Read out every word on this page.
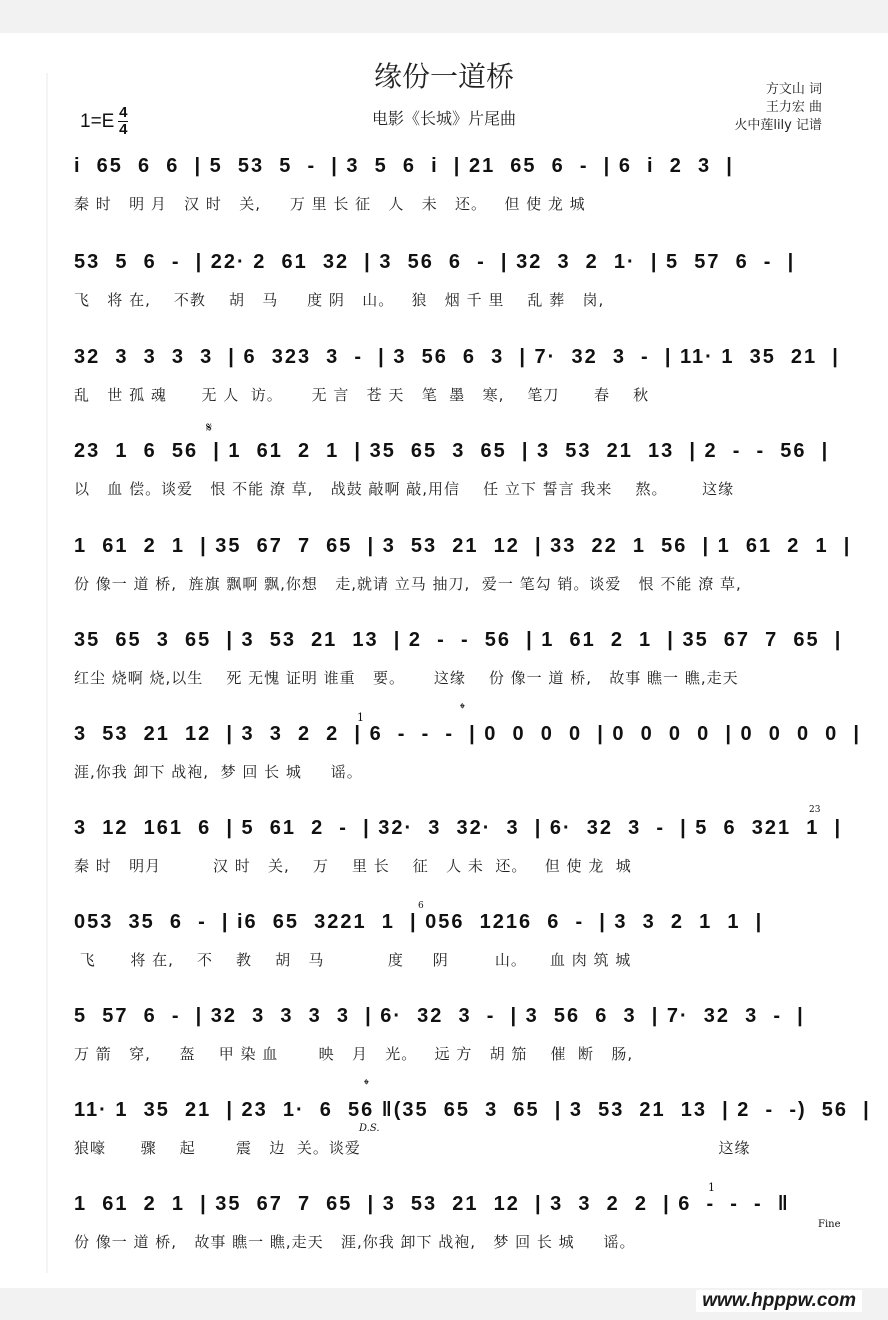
缘份一道桥
电影《长城》片尾曲
$1=E \frac{4}{4}$
方文山 词
王力宏 曲
火中莲lily 记谱
i  65  6  6  | 5  53  5  -  | 3  5  6  i  | 21  65  6  -  | 6  i  2  3  |
秦 时   明 月   汉 时   关,     万 里 长 征   人   未   还。   但 使 龙 城
53  5  6  -  | 22· 2  61  32  | 3  56  6  -  | 32  3  2  1·  | 5  57  6  -  |
飞   将 在,    不教    胡   马     度 阴   山。   狼   烟 千 里    乱 葬   岗,
32  3  3  3  3  | 6  323  3  -  | 3  56  6  3  | 7·  32  3  -  | 11· 1  35  21  |
乱   世 孤 魂      无 人  访。     无 言   苍 天   笔  墨   寒,    笔刀      春    秋
𝄋
23  1  6  56  | 1  61  2  1  | 35  65  3  65  | 3  53  21  13  | 2  -  -  56  |
以   血 偿。谈爱   恨 不能 潦 草,   战鼓 敲啊 敲,用信    任 立下 誓言 我来    熬。      这缘
1  61  2  1  | 35  67  7  65  | 3  53  21  12  | 33  22  1  56  | 1  61  2  1  |
份 像一 道 桥,  旌旗 飘啊 飘,你想   走,就请 立马 抽刀,  爱一 笔勾 销。谈爱   恨 不能 潦 草,
35  65  3  65  | 3  53  21  13  | 2  -  -  56  | 1  61  2  1  | 35  67  7  65  |
红尘 烧啊 烧,以生    死 无愧 证明 谁重   要。     这缘    份 像一 道 桥,   故事 瞧一 瞧,走天
1
𝄌
3  53  21  12  | 3  3  2  2  | 6  -  -  -  | 0  0  0  0  | 0  0  0  0  | 0  0  0  0  |
涯,你我 卸下 战袍,  梦 回 长 城     谣。
23
3  12  161  6  | 5  61  2  -  | 32·  3  32·  3  | 6·  32  3  -  | 5  6  321  1  |
秦 时   明月         汉 时   关,    万    里 长    征   人 未  还。   但 使 龙  城
6
053  35  6  -  | i6  65  3221  1  | 056  1216  6  -  | 3  3  2  1  1  |
飞      将 在,    不    教    胡   马           度     阴        山。    血 肉 筑 城
5  57  6  -  | 32  3  3  3  3  | 6·  32  3  -  | 3  56  6  3  | 7·  32  3  -  |
万 箭   穿,     盔    甲 染 血       映   月   光。   远 方   胡 笳    催  断   肠,
𝄌
D.S.
11· 1  35  21  | 23  1·  6  56 ‖(35  65  3  65  | 3  53  21  13  | 2  -  -)  56  |
狼嚎      骤    起       震   边  关。谈爱                                                              这缘
1
Fine
1  61  2  1  | 35  67  7  65  | 3  53  21  12  | 3  3  2  2  | 6  -  -  -  ‖
份 像一 道 桥,   故事 瞧一 瞧,走天   涯,你我 卸下 战袍,   梦 回 长 城     谣。
www.hpppw.com
